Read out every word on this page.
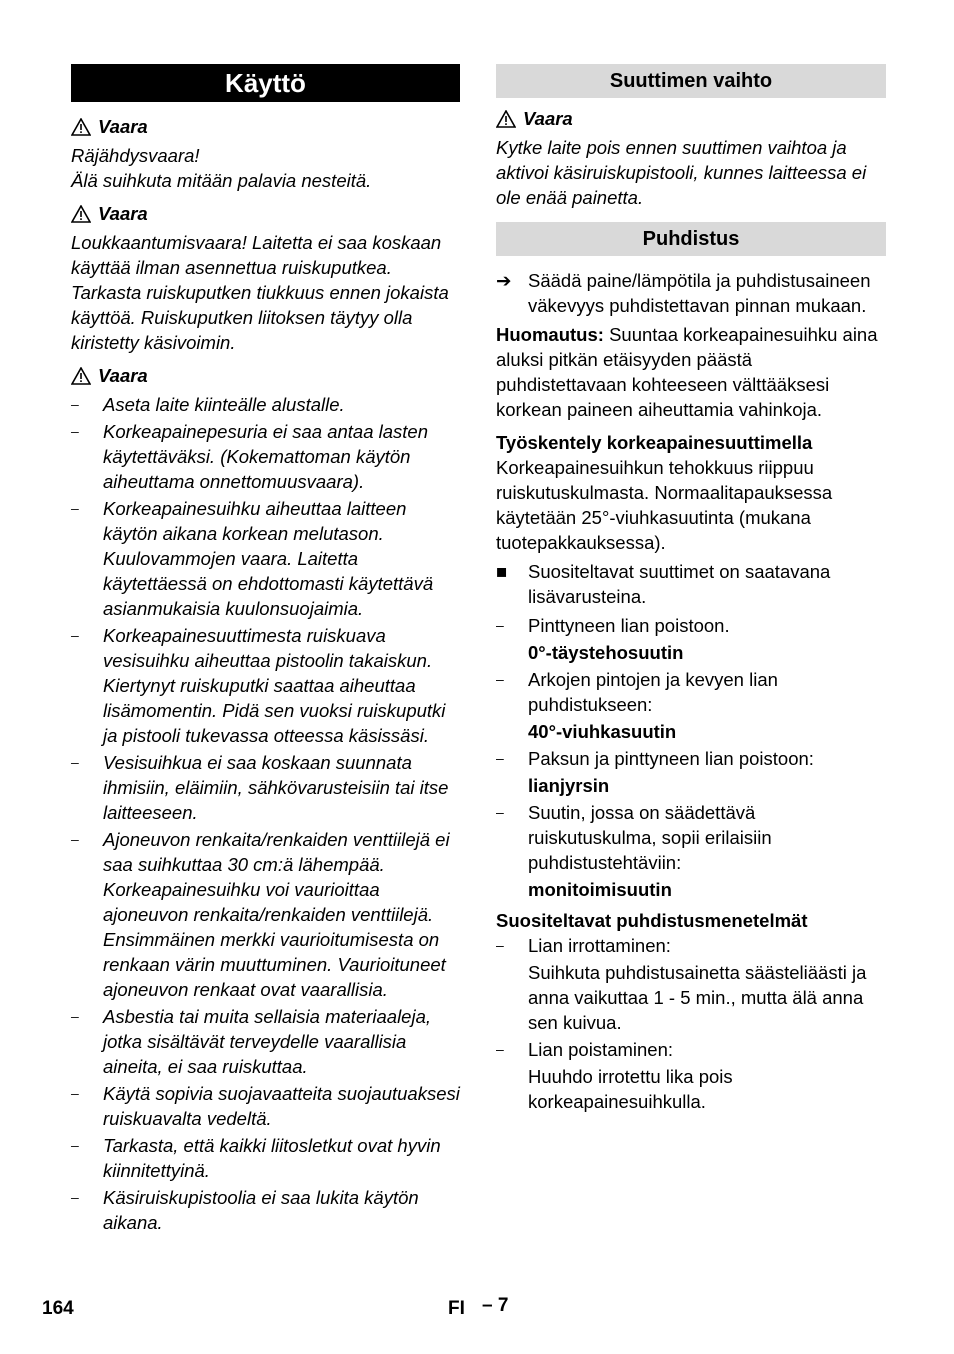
Käyttö
Vaara
Räjähdysvaara!
Älä suihkuta mitään palavia nesteitä.
Vaara
Loukkaantumisvaara! Laitetta ei saa koskaan käyttää ilman asennettua ruiskuputkea. Tarkasta ruiskuputken tiukkuus ennen jokaista käyttöä. Ruiskuputken liitoksen täytyy olla kiristetty käsivoimin.
Vaara
–	Aseta laite kiinteälle alustalle.
–	Korkeapainepesuria ei saa antaa lasten käytettäväksi. (Kokemattoman käytön aiheuttama onnettomuusvaara).
–	Korkeapainesuihku aiheuttaa laitteen käytön aikana korkean melutason. Kuulovammojen vaara. Laitetta käytettäessä on ehdottomasti käytettävä asianmukaisia kuulonsuojaimia.
–	Korkeapainesuuttimesta ruiskuava vesisuihku aiheuttaa pistoolin takaiskun. Kiertynyt ruiskuputki saattaa aiheuttaa lisämomentin. Pidä sen vuoksi ruiskuputki ja pistooli tukevassa otteessa käsissäsi.
–	Vesisuihkua ei saa koskaan suunnata ihmisiin, eläimiin, sähkövarusteisiin tai itse laitteeseen.
–	Ajoneuvon renkaita/renkaiden venttiilejä ei saa suihkuttaa 30 cm:ä lähempää. Korkeapainesuihku voi vaurioittaa ajoneuvon renkaita/renkaiden venttiilejä. Ensimmäinen merkki vaurioitumisesta on renkaan värin muuttuminen. Vaurioituneet ajoneuvon renkaat ovat vaarallisia.
–	Asbestia tai muita sellaisia materiaaleja, jotka sisältävät terveydelle vaarallisia aineita, ei saa ruiskuttaa.
–	Käytä sopivia suojavaatteita suojautuaksesi ruiskuavalta vedeltä.
–	Tarkasta, että kaikki liitosletkut ovat hyvin kiinnitettyinä.
–	Käsiruiskupistoolia ei saa lukita käytön aikana.
Suuttimen vaihto
Vaara
Kytke laite pois ennen suuttimen vaihtoa ja aktivoi käsiruiskupistooli, kunnes laitteessa ei ole enää painetta.
Puhdistus
➔ Säädä paine/lämpötila ja puhdistusaineen väkevyys puhdistettavan pinnan mukaan.
Huomautus: Suuntaa korkeapainesuihku aina aluksi pitkän etäisyyden päästä puhdistettavaan kohteeseen välttääksesi korkean paineen aiheuttamia vahinkoja.
Työskentely korkeapainesuuttimella
Korkeapainesuihkun tehokkuus riippuu ruiskutuskulmasta. Normaalitapauksessa käytetään 25°-viuhkasuutinta (mukana tuotepakkauksessa).
■	Suositeltavat suuttimet on saatavana lisävarusteina.
–	Pinttyneen lian poistoon.
0°-täystehosuutin
–	Arkojen pintojen ja kevyen lian puhdistukseen:
40°-viuhkasuutin
–	Paksun ja pinttyneen lian poistoon:
lianjyrsin
–	Suutin, jossa on säädettävä ruiskutuskulma, sopii erilaisiin puhdistustehtäviin:
monitoimisuutin
Suositeltavat puhdistusmenetelmät
–	Lian irrottaminen:
Suihkuta puhdistusainetta säästeliäästi ja anna vaikuttaa 1 - 5 min., mutta älä anna sen kuivua.
–	Lian poistaminen:
Huuhdo irrotettu lika pois korkeapainesuihkulla.
164	FI – 7
